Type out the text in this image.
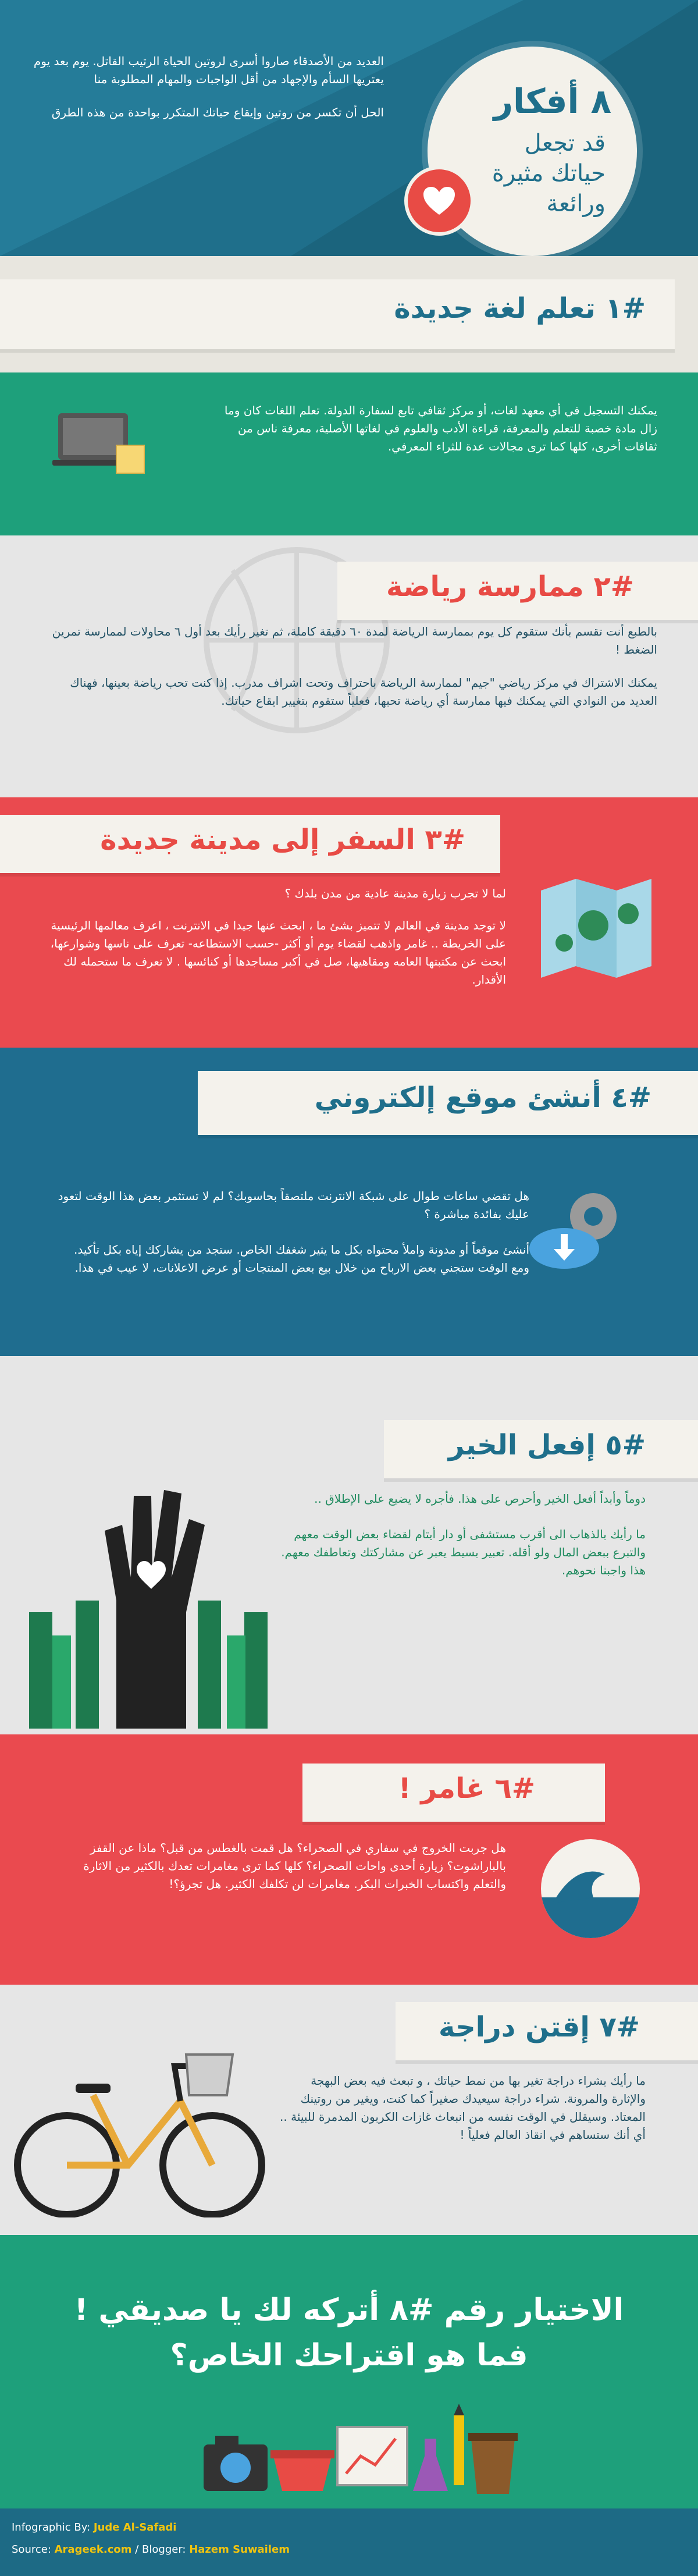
العديد من الأصدقاء صاروا أسرى لروتين الحياة الرتيب القاتل. يوم بعد يوم يعتريها السأم والإجهاد من أقل الواجبات والمهام المطلوبة منا

الحل أن تكسر من روتين وإيقاع حياتك المتكرر بواحدة من هذه الطرق	٨ أفكار
قد تجعل
حياتك مثيرة
ورائعة
#١ تعلم لغة جديدة

يمكنك التسجيل في أي معهد لغات، أو مركز ثقافي تابع لسفارة الدولة. تعلم اللغات كان وما زال مادة خصبة للتعلم والمعرفة، قراءة الأدب والعلوم في لغاتها الأصلية، معرفة ناس من ثقافات أخرى، كلها كما ترى مجالات عدة للثراء المعرفي.

#٢ ممارسة رياضة

بالطبع أنت تقسم بأنك ستقوم كل يوم بممارسة الرياضة لمدة ٦٠ دقيقة كاملة، ثم تغير رأيك بعد أول ٦ محاولات لممارسة تمرين الضغط !

يمكنك الاشتراك في مركز رياضي "جيم" لممارسة الرياضة باحتراف وتحت اشراف مدرب. إذا كنت تحب رياضة بعينها، فهناك العديد من النوادي التي يمكنك فيها ممارسة أي رياضة تحبها، فعلياً ستقوم بتغيير ايقاع حياتك.

#٣ السفر إلى مدينة جديدة

لما لا تجرب زيارة مدينة عادية من مدن بلدك ؟

لا توجد مدينة في العالم لا تتميز بشئ ما ، ابحث عنها جيدا في الانترنت ، اعرف معالمها الرئيسية على الخريطة .. غامر واذهب لقضاء يوم أو أكثر -حسب الاستطاعه- تعرف على ناسها وشوارعها، ابحث عن مكتبتها العامه ومقاهيها، صل في أكبر مساجدها أو كنائسها . لا تعرف ما ستحمله لك الأقدار.

#٤ أنشئ موقع إلكتروني

هل تقضي ساعات طوال على شبكة الانترنت ملتصقاً بحاسوبك؟ لم لا تستثمر بعض هذا الوقت لتعود عليك بفائدة مباشرة ؟

أنشئ موقعاً أو مدونة واملأ محتواه بكل ما يثير شغفك الخاص. ستجد من يشاركك إياه بكل تأكيد. ومع الوقت ستجني بعض الارباح من خلال بيع بعض المنتجات أو عرض الاعلانات، لا عيب في هذا.

#٥ إفعل الخير

دوماً وأبداً أفعل الخير وأحرص على هذا. فأجره لا يضيع على الإطلاق ..

ما رأيك بالذهاب الى أقرب مستشفى أو دار أيتام لقضاء بعض الوقت معهم والتبرع ببعض المال ولو أقله. تعبير بسيط يعبر عن مشاركتك وتعاطفك معهم. هذا واجبنا نحوهم.

#٦ غامر !

هل جربت الخروج في سفاري في الصحراء؟ هل قمت بالغطس من قبل؟ ماذا عن القفز بالباراشوت؟ زيارة أحدى واحات الصحراء؟ كلها كما ترى مغامرات تعدك بالكثير من الاثارة والتعلم واكتساب الخبرات البكر. مغامرات لن تكلفك الكثير. هل تجرؤ؟!

#٧ إقتن دراجة

ما رأيك بشراء دراجة تغير بها من نمط حياتك ، و تبعث فيه بعض البهجة والإثارة والمرونة. شراء دراجة سيعيدك صغيراً كما كنت، ويغير من روتينك المعتاد. وسيقلل في الوقت نفسه من انبعاث غازات الكربون المدمرة للبيئة .. أي أنك ستساهم في انقاذ العالم فعلياً !

الاختيار رقم #٨ أتركه لك يا صديقي !
فما هو اقتراحك الخاص؟
Infographic By: Jude Al-Safadi
Source: Arageek.com / Blogger: Hazem Suwailem
